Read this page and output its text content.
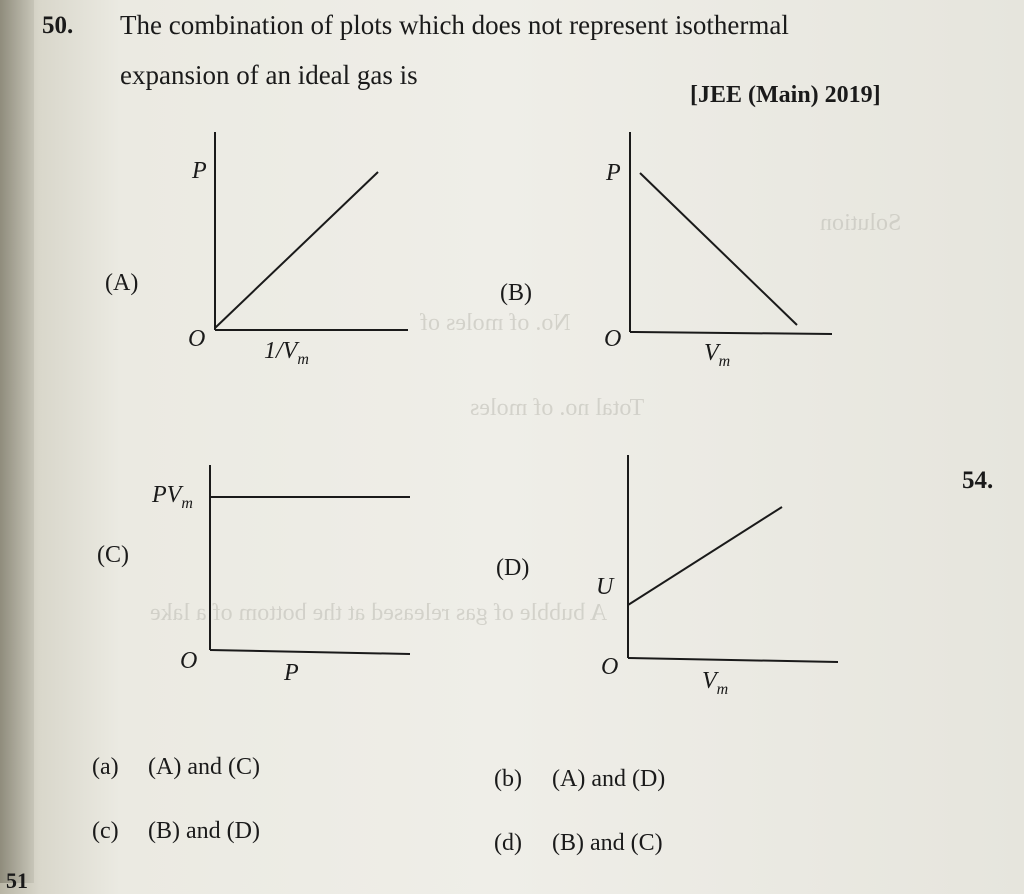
Solution
No. of moles of
Total no. of moles
A bubble of gas released at the bottom of a lake
50. The combination of plots which does not represent isothermal
expansion of an ideal gas is
[JEE (Main) 2019]
54.
P
(A)
O $1/V_m$
P
(B)
O
$V_m$
$PV_m$
(C)
O	P
U
(D)
O
$V_m$
(a) (A) and (C)	(b) (A) and (D)
(c) (B) and (D)	(d) (B) and (C)
51
